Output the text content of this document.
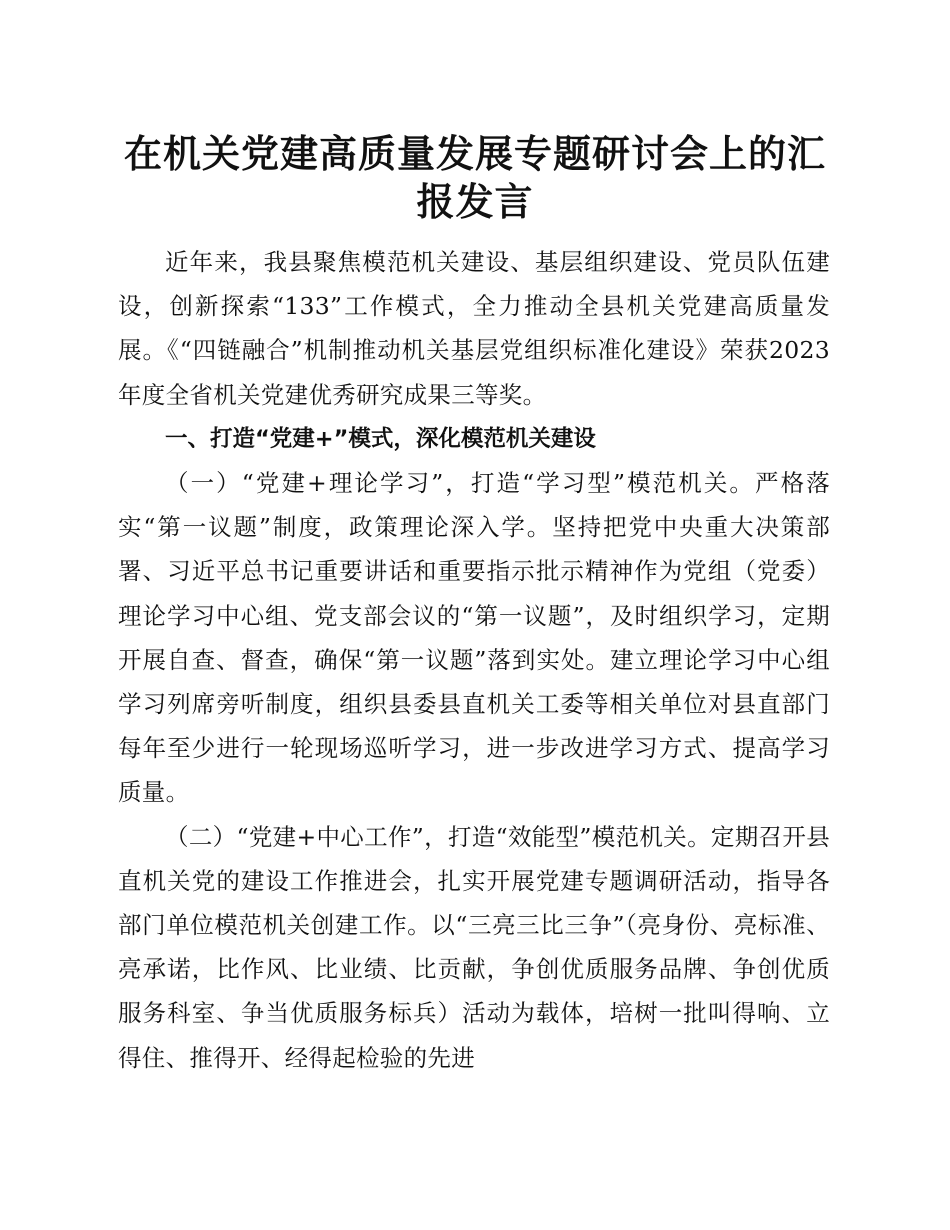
在机关党建高质量发展专题研讨会上的汇报发言

近年来，我县聚焦模范机关建设、基层组织建设、党员队伍建设，创新探索“133”工作模式，全力推动全县机关党建高质量发展。《“四链融合”机制推动机关基层党组织标准化建设》荣获2023年度全省机关党建优秀研究成果三等奖。

一、打造“党建+”模式，深化模范机关建设

（一）“党建+理论学习”，打造“学习型”模范机关。严格落实“第一议题”制度，政策理论深入学。坚持把党中央重大决策部署、习近平总书记重要讲话和重要指示批示精神作为党组（党委）理论学习中心组、党支部会议的“第一议题”，及时组织学习，定期开展自查、督查，确保“第一议题”落到实处。建立理论学习中心组学习列席旁听制度，组织县委县直机关工委等相关单位对县直部门每年至少进行一轮现场巡听学习，进一步改进学习方式、提高学习质量。

（二）“党建+中心工作”，打造“效能型”模范机关。定期召开县直机关党的建设工作推进会，扎实开展党建专题调研活动，指导各部门单位模范机关创建工作。以“三亮三比三争”（亮身份、亮标准、亮承诺，比作风、比业绩、比贡献，争创优质服务品牌、争创优质服务科室、争当优质服务标兵）活动为载体，培树一批叫得响、立得住、推得开、经得起检验的先进
